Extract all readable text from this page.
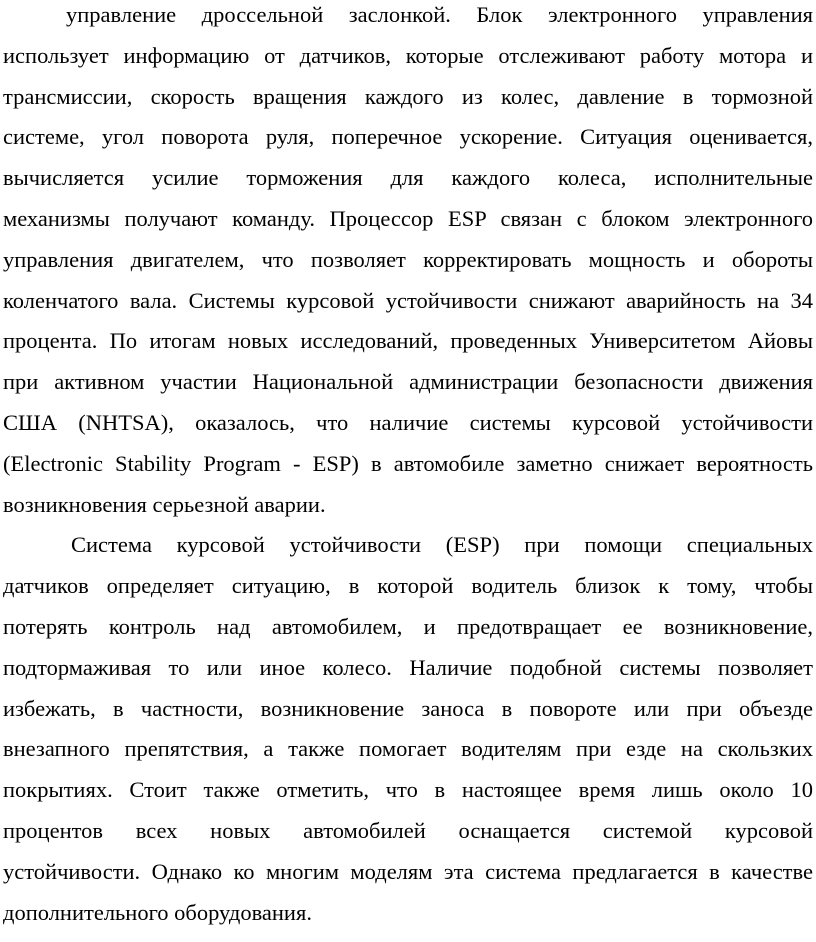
управление дроссельной заслонкой. Блок электронного управления
использует информацию от датчиков, которые отслеживают работу мотора и
трансмиссии, скорость вращения каждого из колес, давление в тормозной
системе, угол поворота руля, поперечное ускорение. Ситуация оценивается,
вычисляется усилие торможения для каждого колеса, исполнительные
механизмы получают команду. Процессор ESP связан с блоком электронного
управления двигателем, что позволяет корректировать мощность и обороты
коленчатого вала. Системы курсовой устойчивости снижают аварийность на 34
процента. По итогам новых исследований, проведенных Университетом Айовы
при активном участии Национальной администрации безопасности движения
США (NHTSA), оказалось, что наличие системы курсовой устойчивости
(Electronic Stability Program - ESP) в автомобиле заметно снижает вероятность
возникновения серьезной аварии.
Система курсовой устойчивости (ESP) при помощи специальных
датчиков определяет ситуацию, в которой водитель близок к тому, чтобы
потерять контроль над автомобилем, и предотвращает ее возникновение,
подтормаживая то или иное колесо. Наличие подобной системы позволяет
избежать, в частности, возникновение заноса в повороте или при объезде
внезапного препятствия, а также помогает водителям при езде на скользких
покрытиях. Стоит также отметить, что в настоящее время лишь около 10
процентов всех новых автомобилей оснащается системой курсовой
устойчивости. Однако ко многим моделям эта система предлагается в качестве
дополнительного оборудования.
